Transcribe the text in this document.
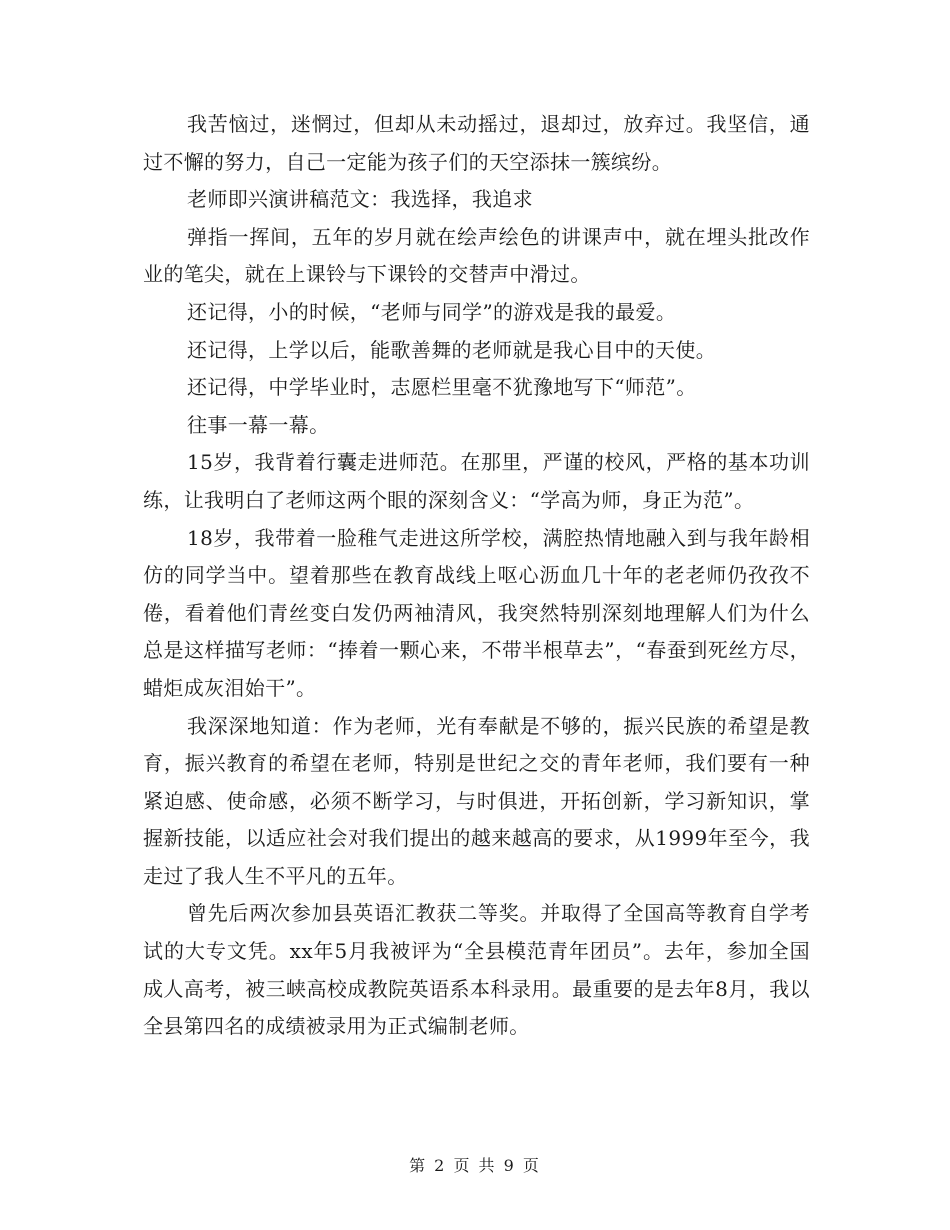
我苦恼过，迷惘过，但却从未动摇过，退却过，放弃过。我坚信，通过不懈的努力，自己一定能为孩子们的天空添抹一簇缤纷。

老师即兴演讲稿范文：我选择，我追求

弹指一挥间，五年的岁月就在绘声绘色的讲课声中，就在埋头批改作业的笔尖，就在上课铃与下课铃的交替声中滑过。

还记得，小的时候，“老师与同学”的游戏是我的最爱。

还记得，上学以后，能歌善舞的老师就是我心目中的天使。

还记得，中学毕业时，志愿栏里毫不犹豫地写下“师范”。

往事一幕一幕。

15岁，我背着行囊走进师范。在那里，严谨的校风，严格的基本功训练，让我明白了老师这两个眼的深刻含义：“学高为师，身正为范”。

18岁，我带着一脸稚气走进这所学校，满腔热情地融入到与我年龄相仿的同学当中。望着那些在教育战线上呕心沥血几十年的老老师仍孜孜不倦，看着他们青丝变白发仍两袖清风，我突然特别深刻地理解人们为什么总是这样描写老师：“捧着一颗心来，不带半根草去”，“春蚕到死丝方尽，蜡炬成灰泪始干”。

我深深地知道：作为老师，光有奉献是不够的，振兴民族的希望是教育，振兴教育的希望在老师，特别是世纪之交的青年老师，我们要有一种紧迫感、使命感，必须不断学习，与时俱进，开拓创新，学习新知识，掌握新技能，以适应社会对我们提出的越来越高的要求，从1999年至今，我走过了我人生不平凡的五年。

曾先后两次参加县英语汇教获二等奖。并取得了全国高等教育自学考试的大专文凭。xx年5月我被评为“全县模范青年团员”。去年，参加全国成人高考，被三峡高校成教院英语系本科录用。最重要的是去年8月，我以全县第四名的成绩被录用为正式编制老师。

第 2 页 共 9 页
